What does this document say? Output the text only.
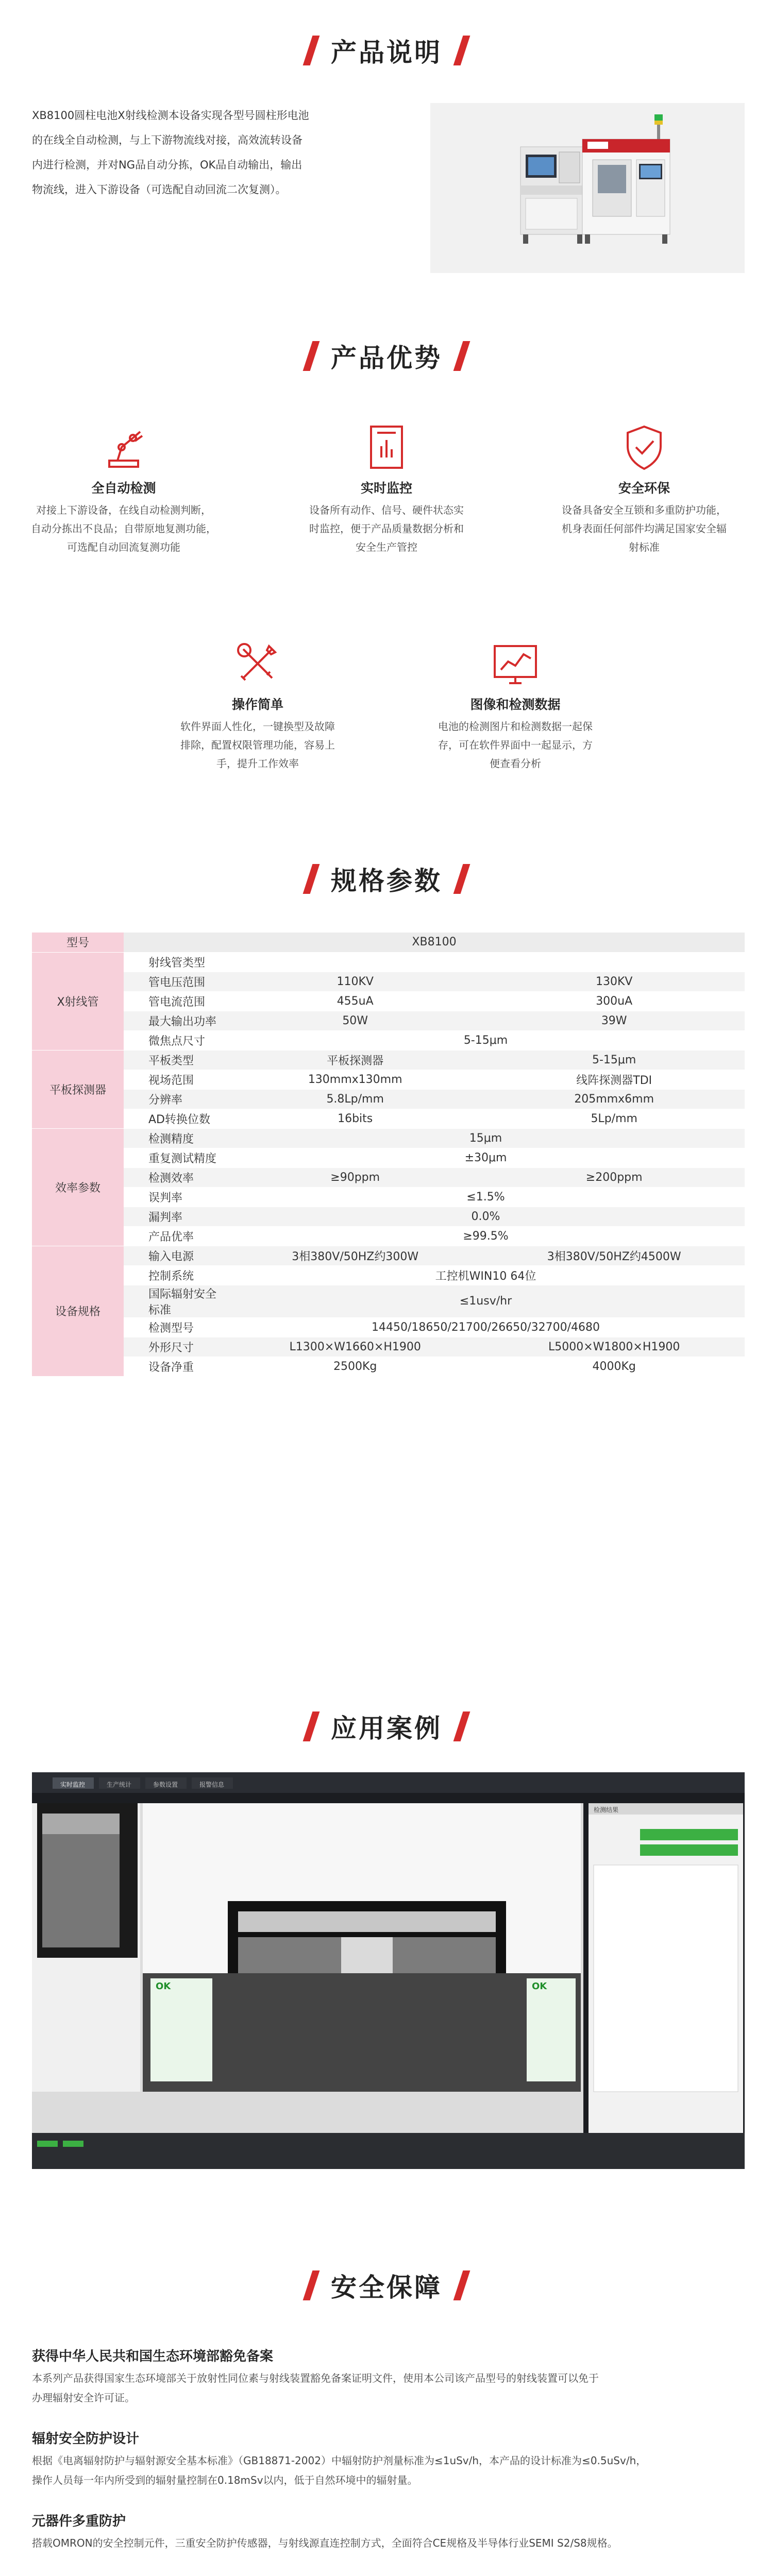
产品说明
XB8100圆柱电池X射线检测本设备实现各型号圆柱形电池
的在线全自动检测，与上下游物流线对接，高效流转设备
内进行检测，并对NG品自动分拣，OK品自动输出，输出
物流线，进入下游设备（可选配自动回流二次复测）。
产品优势
全自动检测
对接上下游设备，在线自动检测判断，
自动分拣出不良品；自带原地复测功能，
可选配自动回流复测功能
实时监控
设备所有动作、信号、硬件状态实
时监控，便于产品质量数据分析和
安全生产管控
安全环保
设备具备安全互锁和多重防护功能，
机身表面任何部件均满足国家安全辐
射标准
操作简单
软件界面人性化，一键换型及故障
排除，配置权限管理功能，容易上
手，提升工作效率
图像和检测数据
电池的检测图片和检测数据一起保
存，可在软件界面中一起显示，方
便查看分析
规格参数
型号	XB8100		
X射线管	射线管类型		
	管电压范围	110KV	130KV
	管电流范围	455uA	300uA
	最大输出功率	50W	39W
	微焦点尺寸	5-15μm	
平板探测器	平板类型	平板探测器	5-15μm
	视场范围	130mmx130mm	线阵探测器TDI
	分辨率	5.8Lp/mm	205mmx6mm
	AD转换位数	16bits	5Lp/mm
效率参数	检测精度	15μm	
	重复测试精度	±30μm	
	检测效率	≥90ppm	≥200ppm
	误判率	≤1.5%	
	漏判率	0.0%	
	产品优率	≥99.5%	
设备规格	输入电源	3相380V/50HZ约300W	3相380V/50HZ约4500W
	控制系统	工控机WIN10 64位	
	国际辐射安全标准	≤1usv/hr	
	检测型号	14450/18650/21700/26650/32700/4680	
	外形尺寸	L1300×W1660×H1900	L5000×W1800×H1900
	设备净重	2500Kg	4000Kg
应用案例
实时监控	生产统计	参数设置	报警信息
OK	OK
检测结果
安全保障
获得中华人民共和国生态环境部豁免备案
本系列产品获得国家生态环境部关于放射性同位素与射线装置豁免备案证明文件，使用本公司该产品型号的射线装置可以免于
办理辐射安全许可证。
辐射安全防护设计
根据《电离辐射防护与辐射源安全基本标准》（GB18871-2002）中辐射防护剂量标准为≤1uSv/h，本产品的设计标准为≤0.5uSv/h，
操作人员每一年内所受到的辐射量控制在0.18mSv以内，低于自然环境中的辐射量。
元器件多重防护
搭载OMRON的安全控制元件，三重安全防护传感器，与射线源直连控制方式，全面符合CE规格及半导体行业SEMI S2/S8规格。
